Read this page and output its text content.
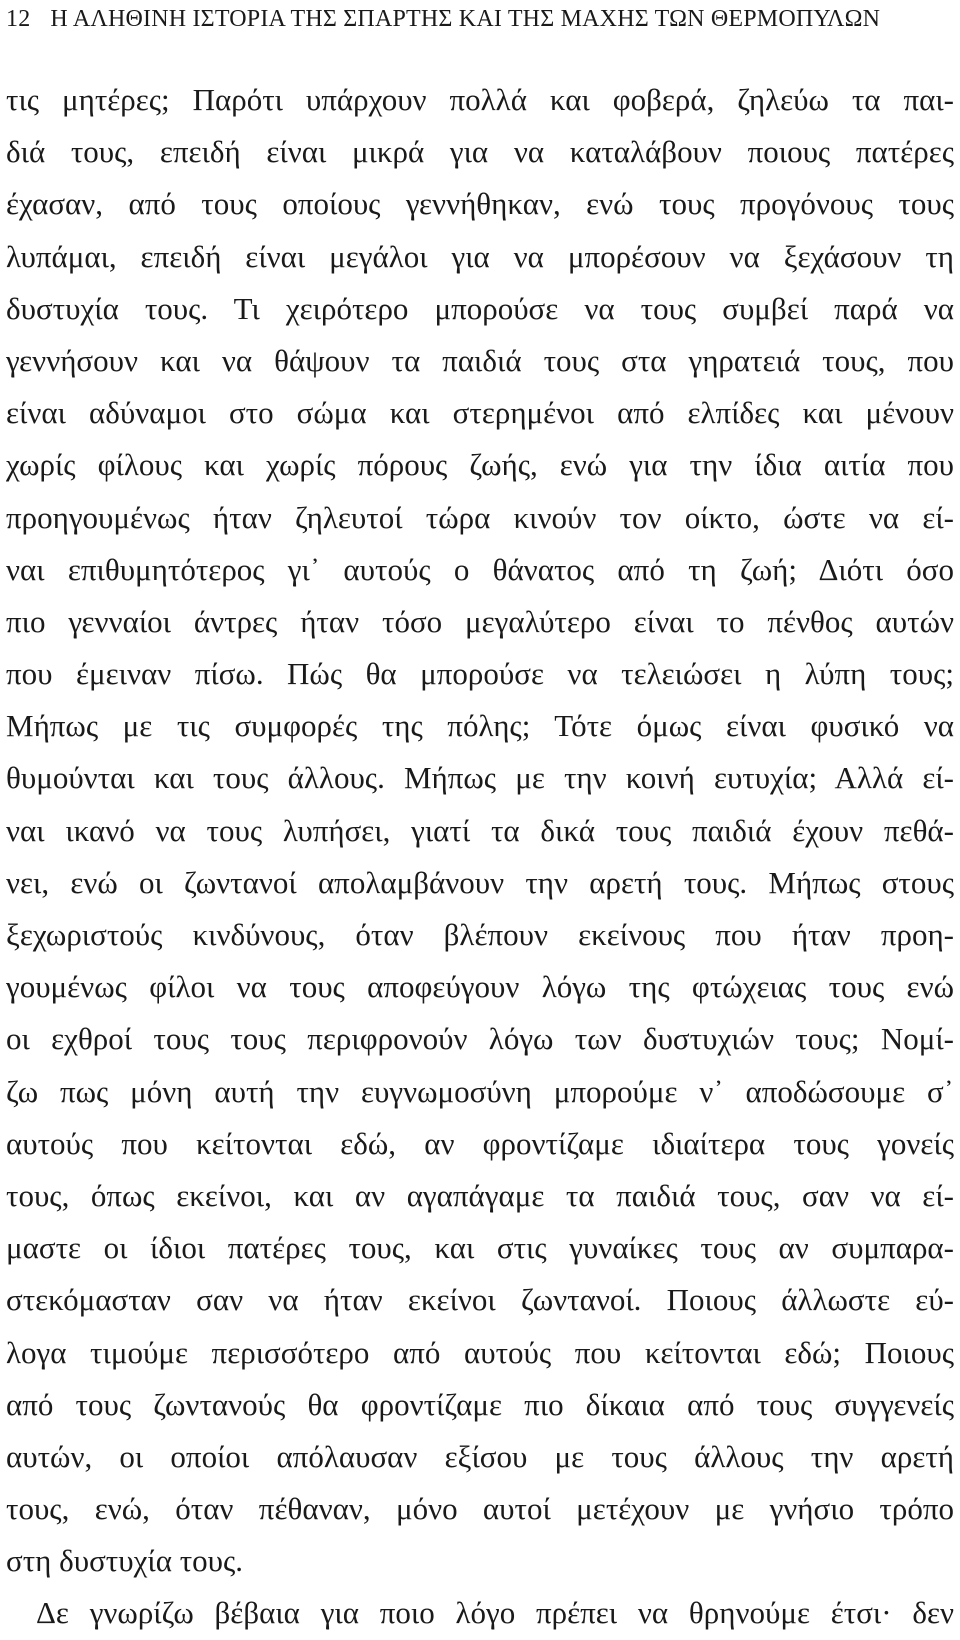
12 Η ΑΛΗΘΙΝΗ ΙΣΤΟΡΙΑ ΤΗΣ ΣΠΑΡΤΗΣ ΚΑΙ ΤΗΣ ΜΑΧΗΣ ΤΩΝ ΘΕΡΜΟΠΥΛΩΝ
τις μητέρες; Παρότι υπάρχουν πολλά και φοβερά, ζηλεύω τα παι-
διά τους, επειδή είναι μικρά για να καταλάβουν ποιους πατέρες
έχασαν, από τους οποίους γεννήθηκαν, ενώ τους προγόνους τους
λυπάμαι, επειδή είναι μεγάλοι για να μπορέσουν να ξεχάσουν τη
δυστυχία τους. Τι χειρότερο μπορούσε να τους συμβεί παρά να
γεννήσουν και να θάψουν τα παιδιά τους στα γηρατειά τους, που
είναι αδύναμοι στο σώμα και στερημένοι από ελπίδες και μένουν
χωρίς φίλους και χωρίς πόρους ζωής, ενώ για την ίδια αιτία που
προηγουμένως ήταν ζηλευτοί τώρα κινούν τον οίκτο, ώστε να εί-
ναι επιθυμητότερος γι᾽ αυτούς ο θάνατος από τη ζωή; Διότι όσο
πιο γενναίοι άντρες ήταν τόσο μεγαλύτερο είναι το πένθος αυτών
που έμειναν πίσω. Πώς θα μπορούσε να τελειώσει η λύπη τους;
Μήπως με τις συμφορές της πόλης; Τότε όμως είναι φυσικό να
θυμούνται και τους άλλους. Μήπως με την κοινή ευτυχία; Αλλά εί-
ναι ικανό να τους λυπήσει, γιατί τα δικά τους παιδιά έχουν πεθά-
νει, ενώ οι ζωντανοί απολαμβάνουν την αρετή τους. Μήπως στους
ξεχωριστούς κινδύνους, όταν βλέπουν εκείνους που ήταν προη-
γουμένως φίλοι να τους αποφεύγουν λόγω της φτώχειας τους ενώ
οι εχθροί τους τους περιφρονούν λόγω των δυστυχιών τους; Νομί-
ζω πως μόνη αυτή την ευγνωμοσύνη μπορούμε ν᾽ αποδώσουμε σ᾽
αυτούς που κείτονται εδώ, αν φροντίζαμε ιδιαίτερα τους γονείς
τους, όπως εκείνοι, και αν αγαπάγαμε τα παιδιά τους, σαν να εί-
μαστε οι ίδιοι πατέρες τους, και στις γυναίκες τους αν συμπαρα-
στεκόμασταν σαν να ήταν εκείνοι ζωντανοί. Ποιους άλλωστε εύ-
λογα τιμούμε περισσότερο από αυτούς που κείτονται εδώ; Ποιους
από τους ζωντανούς θα φροντίζαμε πιο δίκαια από τους συγγενείς
αυτών, οι οποίοι απόλαυσαν εξίσου με τους άλλους την αρετή
τους, ενώ, όταν πέθαναν, μόνο αυτοί μετέχουν με γνήσιο τρόπο
στη δυστυχία τους.
Δε γνωρίζω βέβαια για ποιο λόγο πρέπει να θρηνούμε έτσι· δεν
